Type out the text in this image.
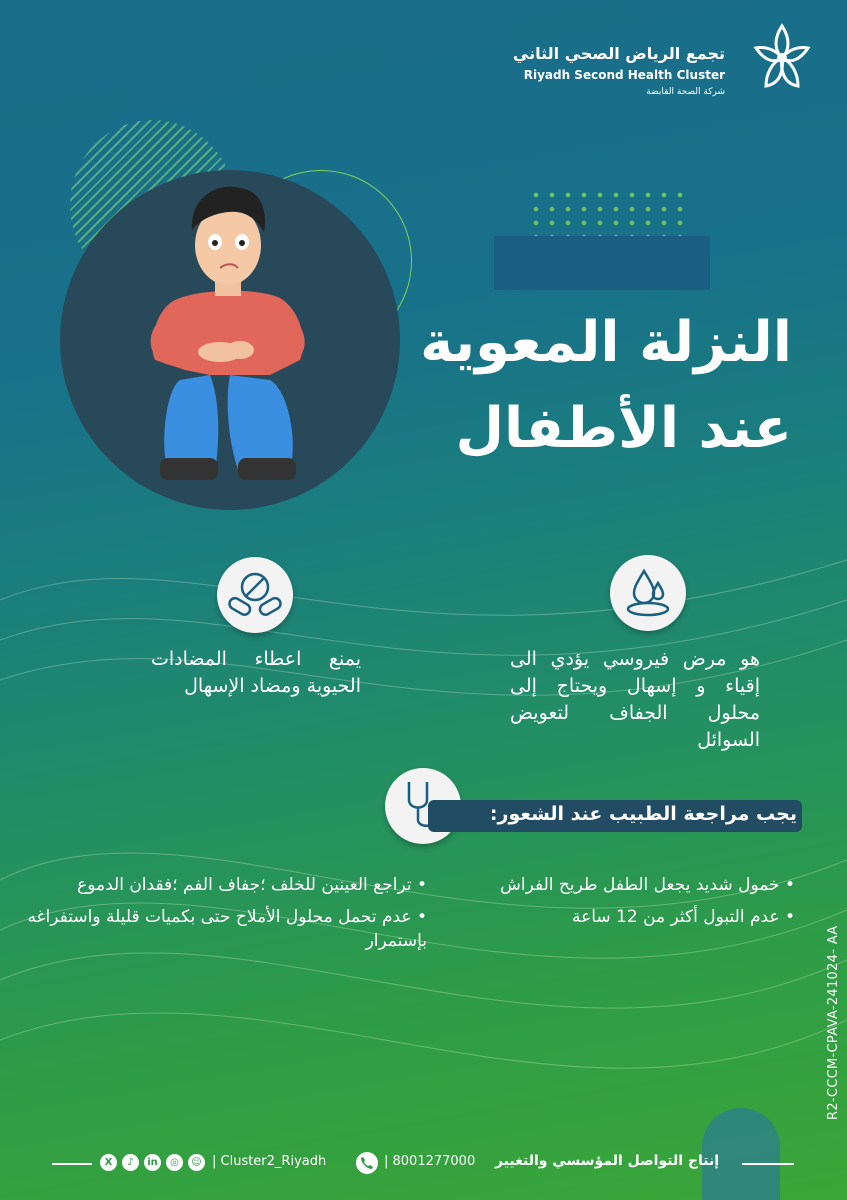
تجمع الرياض الصحي الثاني
Riyadh Second Health Cluster
شركة الصحة القابضة
النزلة المعوية
عند الأطفال
هو مرض فيروسي يؤدي الى إقياء و إسهال ويحتاج إلى محلول الجفاف لتعويض السوائل
يمنع اعطاء المضادات الحيوية ومضاد الإسهال
يجب مراجعة الطبيب عند الشعور:
• خمول شديد يجعل الطفل طريح الفراش
• عدم التبول أكثر من 12 ساعة
• تراجع العينين للخلف ؛جفاف الفم ؛فقدان الدموع
• عدم تحمل محلول الأملاح حتى بكميات قليلة واستفراغه بإستمرار	R2-CCCM-CPAVA-241024- AA
X	♪	in	◎	☺ | Cluster2_Riyadh	| 8001277000 إنتاج التواصل المؤسسي والتغيير
